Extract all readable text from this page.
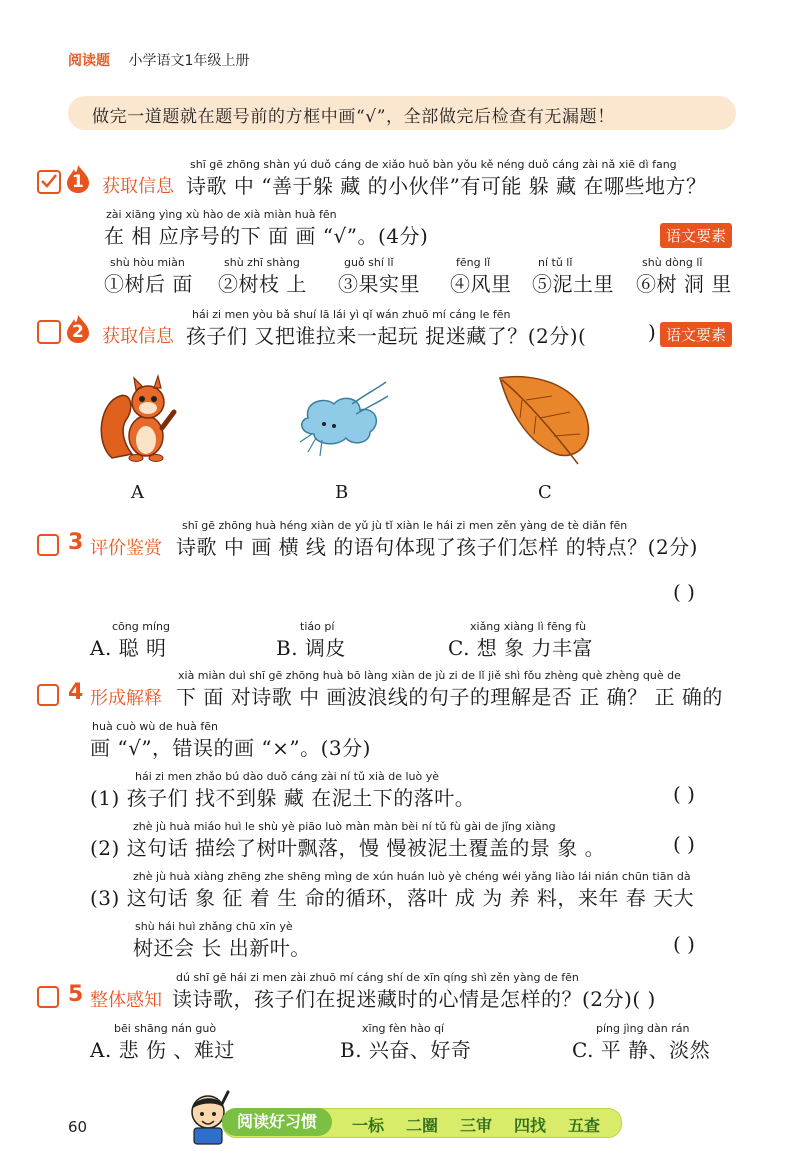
阅读题 小学语文1年级上册
做完一道题就在题号前的方框中画“√”，全部做完后检查有无漏题！
1 获取信息
shī gē zhōng shàn yú duǒ cáng de xiǎo huǒ bàn yǒu kě néng duǒ cáng zài nǎ xiē dì fang
诗歌 中 “善于躲 藏 的小伙伴”有可能 躲 藏 在哪些地方？
zài xiāng yìng xù hào de xià miàn huà fēn
在 相 应序号的下 面 画 “√”。(4分)	语文要素
shù hòu miàn
①树后 面
shù zhī shàng
②树枝 上
guǒ shí lǐ
③果实里
fēng lǐ
④风里
ní tǔ lǐ
⑤泥土里
shù dòng lǐ
⑥树 洞 里
2 获取信息
hái zi men yòu bǎ shuí lā lái yì qǐ wán zhuō mí cáng le fēn
孩子们 又把谁拉来一起玩 捉迷藏了？(2分)(	) 语文要素
A	B	C
3 评价鉴赏
shī gē zhōng huà héng xiàn de yǔ jù tǐ xiàn le hái zi men zěn yàng de tè diǎn fēn
诗歌 中 画 横 线 的语句体现了孩子们怎样 的特点？(2分)
( )
cōng míng
A. 聪 明
tiáo pí
B. 调皮
xiǎng xiàng lì fēng fù
C. 想 象 力丰富
4 形成解释
xià miàn duì shī gē zhōng huà bō làng xiàn de jù zi de lǐ jiě shì fǒu zhèng què zhèng què de
下 面 对诗歌 中 画波浪线的句子的理解是否 正 确？ 正 确的
huà cuò wù de huà fēn
画 “√”，错误的画 “×”。(3分)
hái zi men zhǎo bú dào duǒ cáng zài ní tǔ xià de luò yè
(1) 孩子们 找不到躲 藏 在泥土下的落叶。	( )
zhè jù huà miáo huì le shù yè piāo luò màn màn bèi ní tǔ fù gài de jǐng xiàng
(2) 这句话 描绘了树叶飘落，慢 慢被泥土覆盖的景 象 。	( )
zhè jù huà xiàng zhēng zhe shēng mìng de xún huán luò yè chéng wéi yǎng liào lái nián chūn tiān dà
(3) 这句话 象 征 着 生 命的循环，落叶 成 为 养 料，来年 春 天大
shù hái huì zhǎng chū xīn yè
树还会 长 出新叶。	( )
5 整体感知
dú shī gē hái zi men zài zhuō mí cáng shí de xīn qíng shì zěn yàng de fēn
读诗歌，孩子们在捉迷藏时的心情是怎样的？(2分)( )
bēi shāng nán guò
A. 悲 伤 、难过
xīng fèn hào qí
B. 兴奋、好奇
píng jìng dàn rán
C. 平 静、淡然
60	阅读好习惯	一标 二圈 三审 四找 五查
